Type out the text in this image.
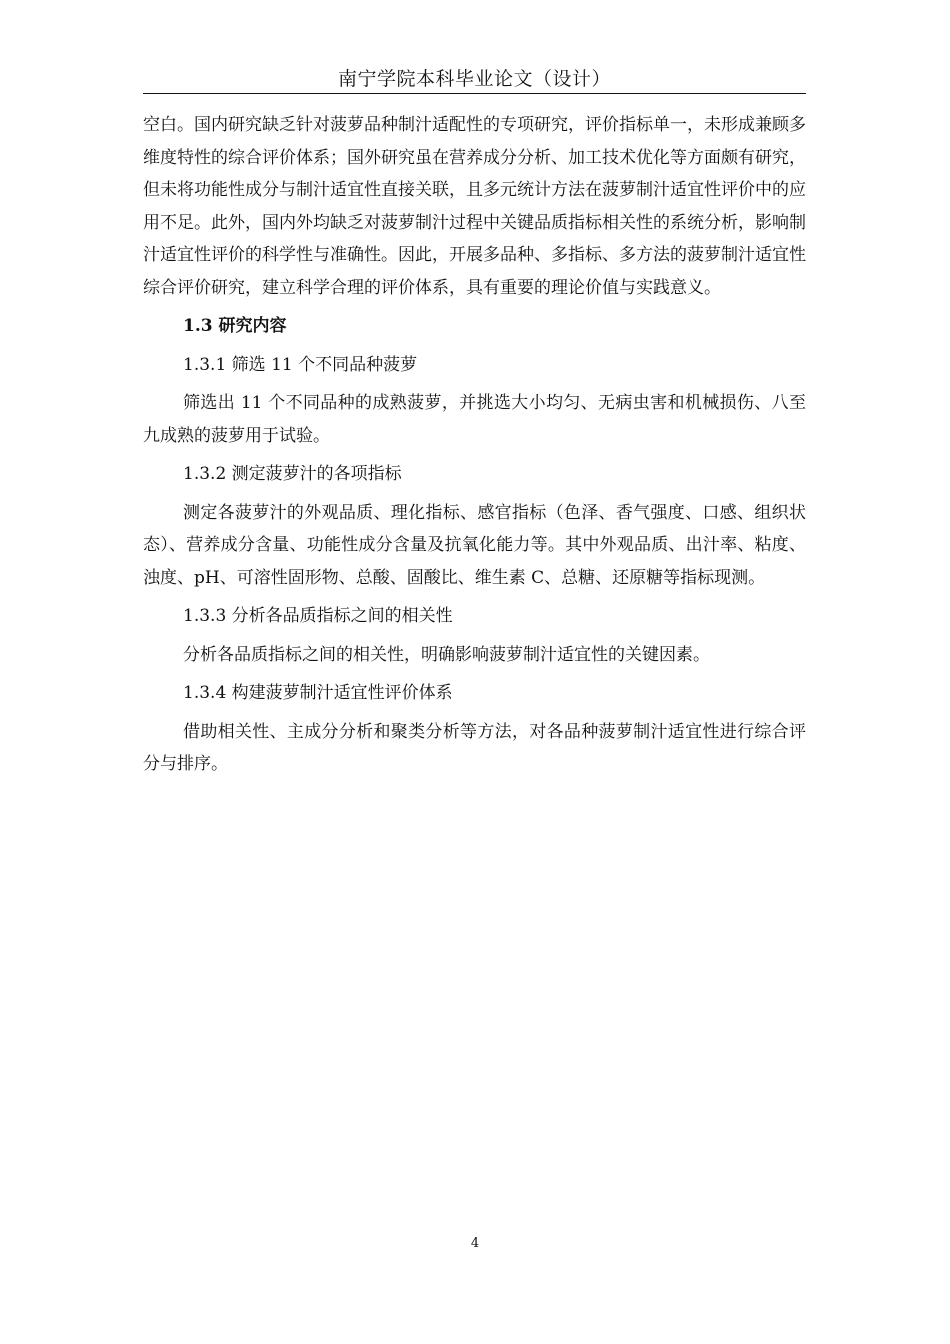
南宁学院本科毕业论文（设计）

空白。国内研究缺乏针对菠萝品种制汁适配性的专项研究，评价指标单一，未形成兼顾多维度特性的综合评价体系；国外研究虽在营养成分分析、加工技术优化等方面颇有研究，但未将功能性成分与制汁适宜性直接关联，且多元统计方法在菠萝制汁适宜性评价中的应用不足。此外，国内外均缺乏对菠萝制汁过程中关键品质指标相关性的系统分析，影响制汁适宜性评价的科学性与准确性。因此，开展多品种、多指标、多方法的菠萝制汁适宜性综合评价研究，建立科学合理的评价体系，具有重要的理论价值与实践意义。

1.3 研究内容

1.3.1 筛选 11 个不同品种菠萝

筛选出 11 个不同品种的成熟菠萝，并挑选大小均匀、无病虫害和机械损伤、八至九成熟的菠萝用于试验。

1.3.2 测定菠萝汁的各项指标

测定各菠萝汁的外观品质、理化指标、感官指标（色泽、香气强度、口感、组织状态）、营养成分含量、功能性成分含量及抗氧化能力等。其中外观品质、出汁率、粘度、浊度、pH、可溶性固形物、总酸、固酸比、维生素 C、总糖、还原糖等指标现测。

1.3.3 分析各品质指标之间的相关性

分析各品质指标之间的相关性，明确影响菠萝制汁适宜性的关键因素。

1.3.4 构建菠萝制汁适宜性评价体系

借助相关性、主成分分析和聚类分析等方法，对各品种菠萝制汁适宜性进行综合评分与排序。

4
